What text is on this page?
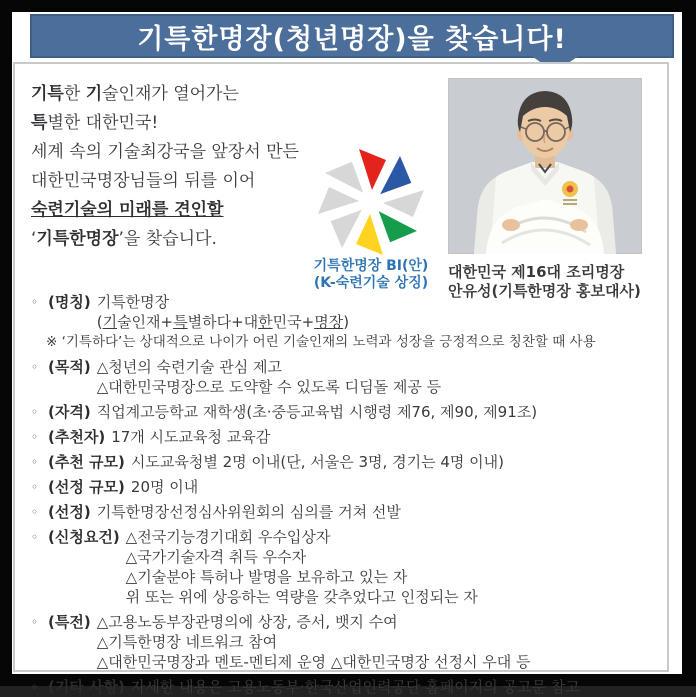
기특한명장(청년명장)을 찾습니다!
기특한 기술인재가 열어가는
특별한 대한민국!
세계 속의 기술최강국을 앞장서 만든
대한민국명장님들의 뒤를 이어
숙련기술의 미래를 견인할
‘기특한명장’을 찾습니다.
기특한명장 BI(안)
(K-숙련기술 상징)
대한민국 제16대 조리명장
안유성(기특한명장 홍보대사)
◦ (명칭) 기특한명장
(기술인재+특별하다+대한민국+명장)
※ ‘기특하다’는 상대적으로 나이가 어린 기술인재의 노력과 성장을 긍정적으로 칭찬할 때 사용
◦ (목적) △청년의 숙련기술 관심 제고
△대한민국명장으로 도약할 수 있도록 디딤돌 제공 등
◦ (자격) 직업계고등학교 재학생(초·중등교육법 시행령 제76, 제90, 제91조)
◦ (추천자) 17개 시도교육청 교육감
◦ (추천 규모) 시도교육청별 2명 이내(단, 서울은 3명, 경기는 4명 이내)
◦ (선정 규모) 20명 이내
◦ (선정) 기특한명장선정심사위원회의 심의를 거쳐 선발
◦ (신청요건) △전국기능경기대회 우수입상자
△국가기술자격 취득 우수자
△기술분야 특허나 발명을 보유하고 있는 자
위 또는 위에 상응하는 역량을 갖추었다고 인정되는 자
◦ (특전) △고용노동부장관명의에 상장, 증서, 뱃지 수여
△기특한명장 네트워크 참여
△대한민국명장과 멘토-멘티제 운영 △대한민국명장 선정시 우대 등
◦ (기타 사항) 자세한 내용은 고용노동부·한국산업인력공단 홈페이지의 공고문 참고
